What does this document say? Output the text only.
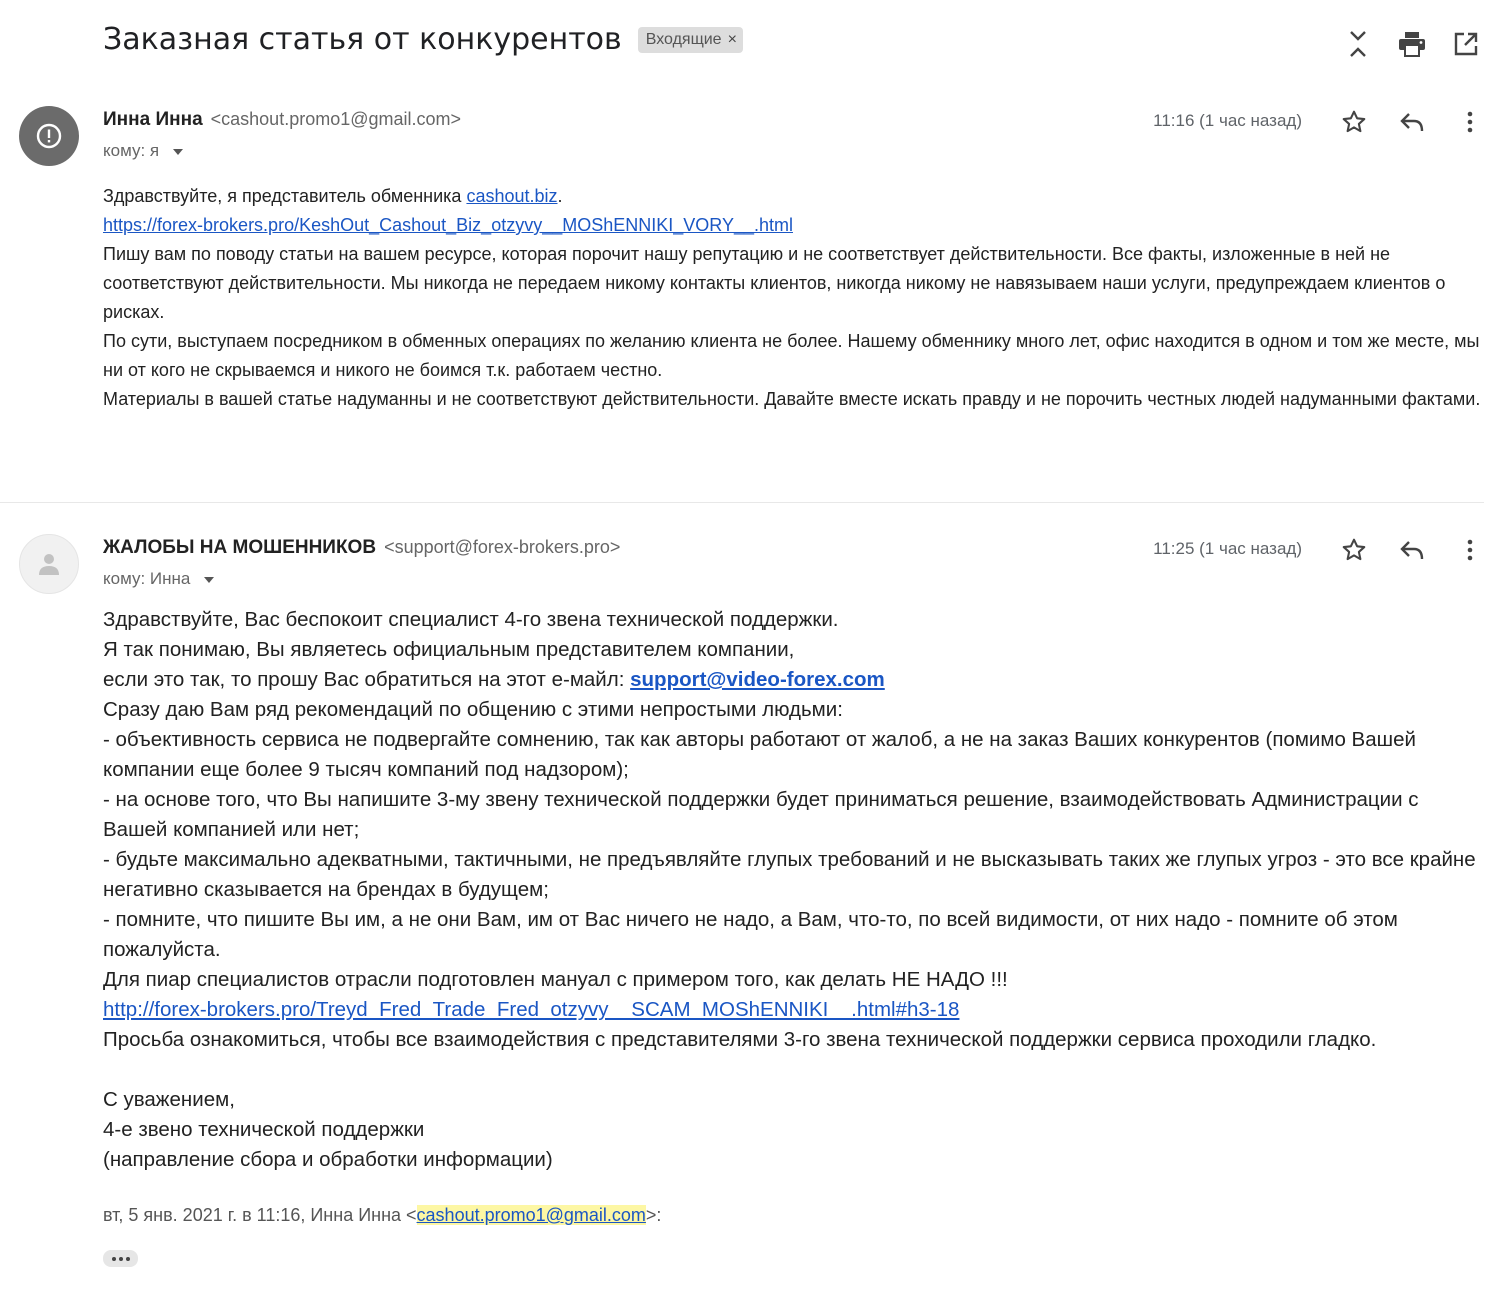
Заказная статья от конкурентов Входящие ×
Инна Инна <cashout.promo1@gmail.com>
кому: я
11:16 (1 час назад)

Здравствуйте, я представитель обменника cashout.biz.

https://forex-brokers.pro/KeshOut_Cashout_Biz_otzyvy__MOShENNIKI_VORY__.html

Пишу вам по поводу статьи на вашем ресурсе, которая порочит нашу репутацию и не соответствует действительности. Все факты, изложенные в ней не соответствуют действительности. Мы никогда не передаем никому контакты клиентов, никогда никому не навязываем наши услуги, предупреждаем клиентов о рисках.

По сути, выступаем посредником в обменных операциях по желанию клиента не более. Нашему обменнику много лет, офис находится в одном и том же месте, мы ни от кого не скрываемся и никого не боимся т.к. работаем честно.

Материалы в вашей статье надуманны и не соответствуют действительности. Давайте вместе искать правду и не порочить честных людей надуманными фактами.

ЖАЛОБЫ НА МОШЕННИКОВ <support@forex-brokers.pro>
кому: Инна
11:25 (1 час назад)

Здравствуйте, Вас беспокоит специалист 4-го звена технической поддержки.

Я так понимаю, Вы являетесь официальным представителем компании,

если это так, то прошу Вас обратиться на этот е-майл: support@video-forex.com

Сразу даю Вам ряд рекомендаций по общению с этими непростыми людьми:

- объективность сервиса не подвергайте сомнению, так как авторы работают от жалоб, а не на заказ Ваших конкурентов (помимо Вашей компании еще более 9 тысяч компаний под надзором);

- на основе того, что Вы напишите 3-му звену технической поддержки будет приниматься решение, взаимодействовать Администрации с Вашей компанией или нет;

- будьте максимально адекватными, тактичными, не предъявляйте глупых требований и не высказывать таких же глупых угроз - это все крайне негативно сказывается на брендах в будущем;

- помните, что пишите Вы им, а не они Вам, им от Вас ничего не надо, а Вам, что-то, по всей видимости, от них надо - помните об этом пожалуйста.

Для пиар специалистов отрасли подготовлен мануал с примером того, как делать НЕ НАДО !!!

http://forex-brokers.pro/Treyd_Fred_Trade_Fred_otzyvy__SCAM_MOShENNIKI__.html#h3-18

Просьба ознакомиться, чтобы все взаимодействия с представителями 3-го звена технической поддержки сервиса проходили гладко.

С уважением,

4-е звено технической поддержки

(направление сбора и обработки информации)

вт, 5 янв. 2021 г. в 11:16, Инна Инна <cashout.promo1@gmail.com>:
